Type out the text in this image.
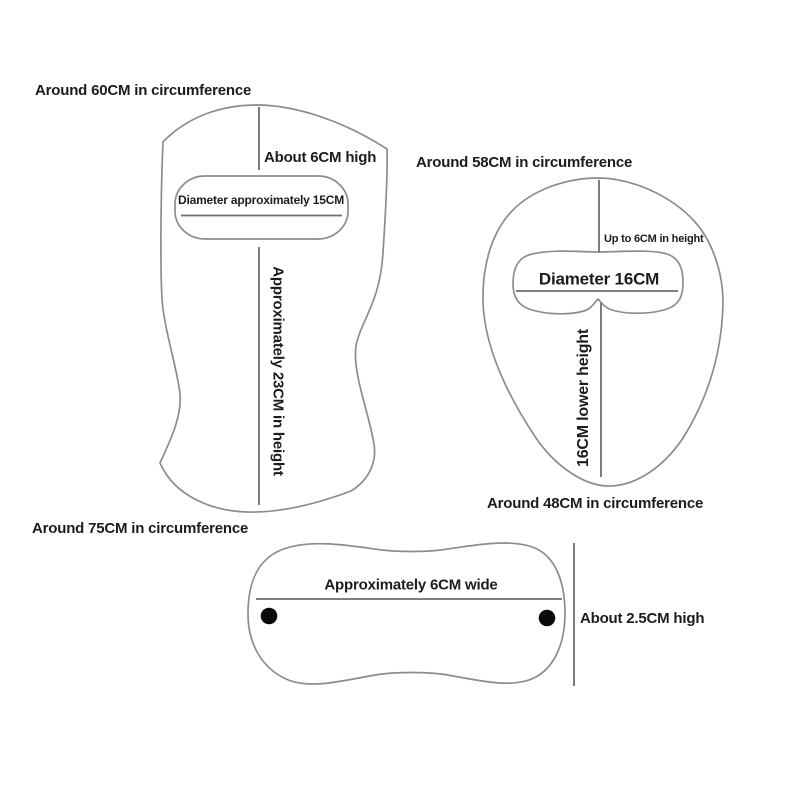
Around 60CM in circumference
About 6CM high
Diameter approximately 15CM
Approximately 23CM in height
Around 58CM in circumference
Up to 6CM in height
Diameter 16CM
16CM lower height
Around 48CM in circumference
Around 75CM in circumference
Approximately 6CM wide
About 2.5CM high
